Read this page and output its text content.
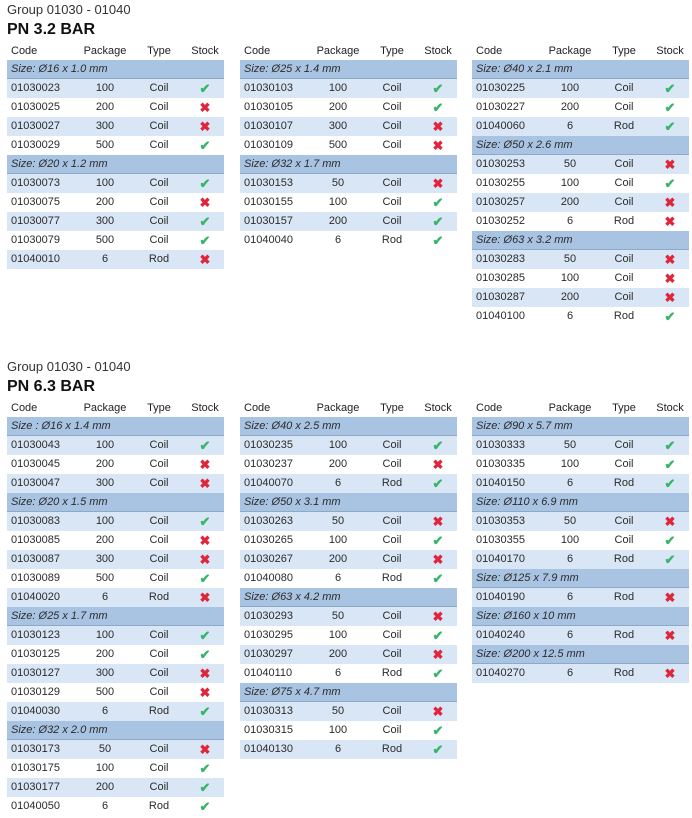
Group 01030 - 01040
PN 3.2 BAR
Code	Package	Type	Stock
Size: Ø16 x 1.0 mm
01030023	100	Coil	✔
01030025	200	Coil	✖
01030027	300	Coil	✖
01030029	500	Coil	✔
Size: Ø20 x 1.2 mm
01030073	100	Coil	✔
01030075	200	Coil	✖
01030077	300	Coil	✔
01030079	500	Coil	✔
01040010	6	Rod	✖
Code	Package	Type	Stock
Size: Ø25 x 1.4 mm
01030103	100	Coil	✔
01030105	200	Coil	✔
01030107	300	Coil	✖
01030109	500	Coil	✖
Size: Ø32 x 1.7 mm
01030153	50	Coil	✖
01030155	100	Coil	✔
01030157	200	Coil	✔
01040040	6	Rod	✔
Code	Package	Type	Stock
Size: Ø40 x 2.1 mm
01030225	100	Coil	✔
01030227	200	Coil	✔
01040060	6	Rod	✔
Size: Ø50 x 2.6 mm
01030253	50	Coil	✖
01030255	100	Coil	✔
01030257	200	Coil	✖
01030252	6	Rod	✖
Size: Ø63 x 3.2 mm
01030283	50	Coil	✖
01030285	100	Coil	✖
01030287	200	Coil	✖
01040100	6	Rod	✔
Group 01030 - 01040
PN 6.3 BAR
Code	Package	Type	Stock
Size : Ø16 x 1.4 mm
01030043	100	Coil	✔
01030045	200	Coil	✖
01030047	300	Coil	✖
Size: Ø20 x 1.5 mm
01030083	100	Coil	✔
01030085	200	Coil	✖
01030087	300	Coil	✖
01030089	500	Coil	✔
01040020	6	Rod	✖
Size: Ø25 x 1.7 mm
01030123	100	Coil	✔
01030125	200	Coil	✔
01030127	300	Coil	✖
01030129	500	Coil	✖
01040030	6	Rod	✔
Size: Ø32 x 2.0 mm
01030173	50	Coil	✖
01030175	100	Coil	✔
01030177	200	Coil	✔
01040050	6	Rod	✔
Code	Package	Type	Stock
Size: Ø40 x 2.5 mm
01030235	100	Coil	✔
01030237	200	Coil	✖
01040070	6	Rod	✔
Size: Ø50 x 3.1 mm
01030263	50	Coil	✖
01030265	100	Coil	✔
01030267	200	Coil	✖
01040080	6	Rod	✔
Size: Ø63 x 4.2 mm
01030293	50	Coil	✖
01030295	100	Coil	✔
01030297	200	Coil	✖
01040110	6	Rod	✔
Size: Ø75 x 4.7 mm
01030313	50	Coil	✖
01030315	100	Coil	✔
01040130	6	Rod	✔
Code	Package	Type	Stock
Size: Ø90 x 5.7 mm
01030333	50	Coil	✔
01030335	100	Coil	✔
01040150	6	Rod	✔
Size: Ø110 x 6.9 mm
01030353	50	Coil	✖
01030355	100	Coil	✔
01040170	6	Rod	✔
Size: Ø125 x 7.9 mm
01040190	6	Rod	✖
Size: Ø160 x 10 mm
01040240	6	Rod	✖
Size: Ø200 x 12.5 mm
01040270	6	Rod	✖
